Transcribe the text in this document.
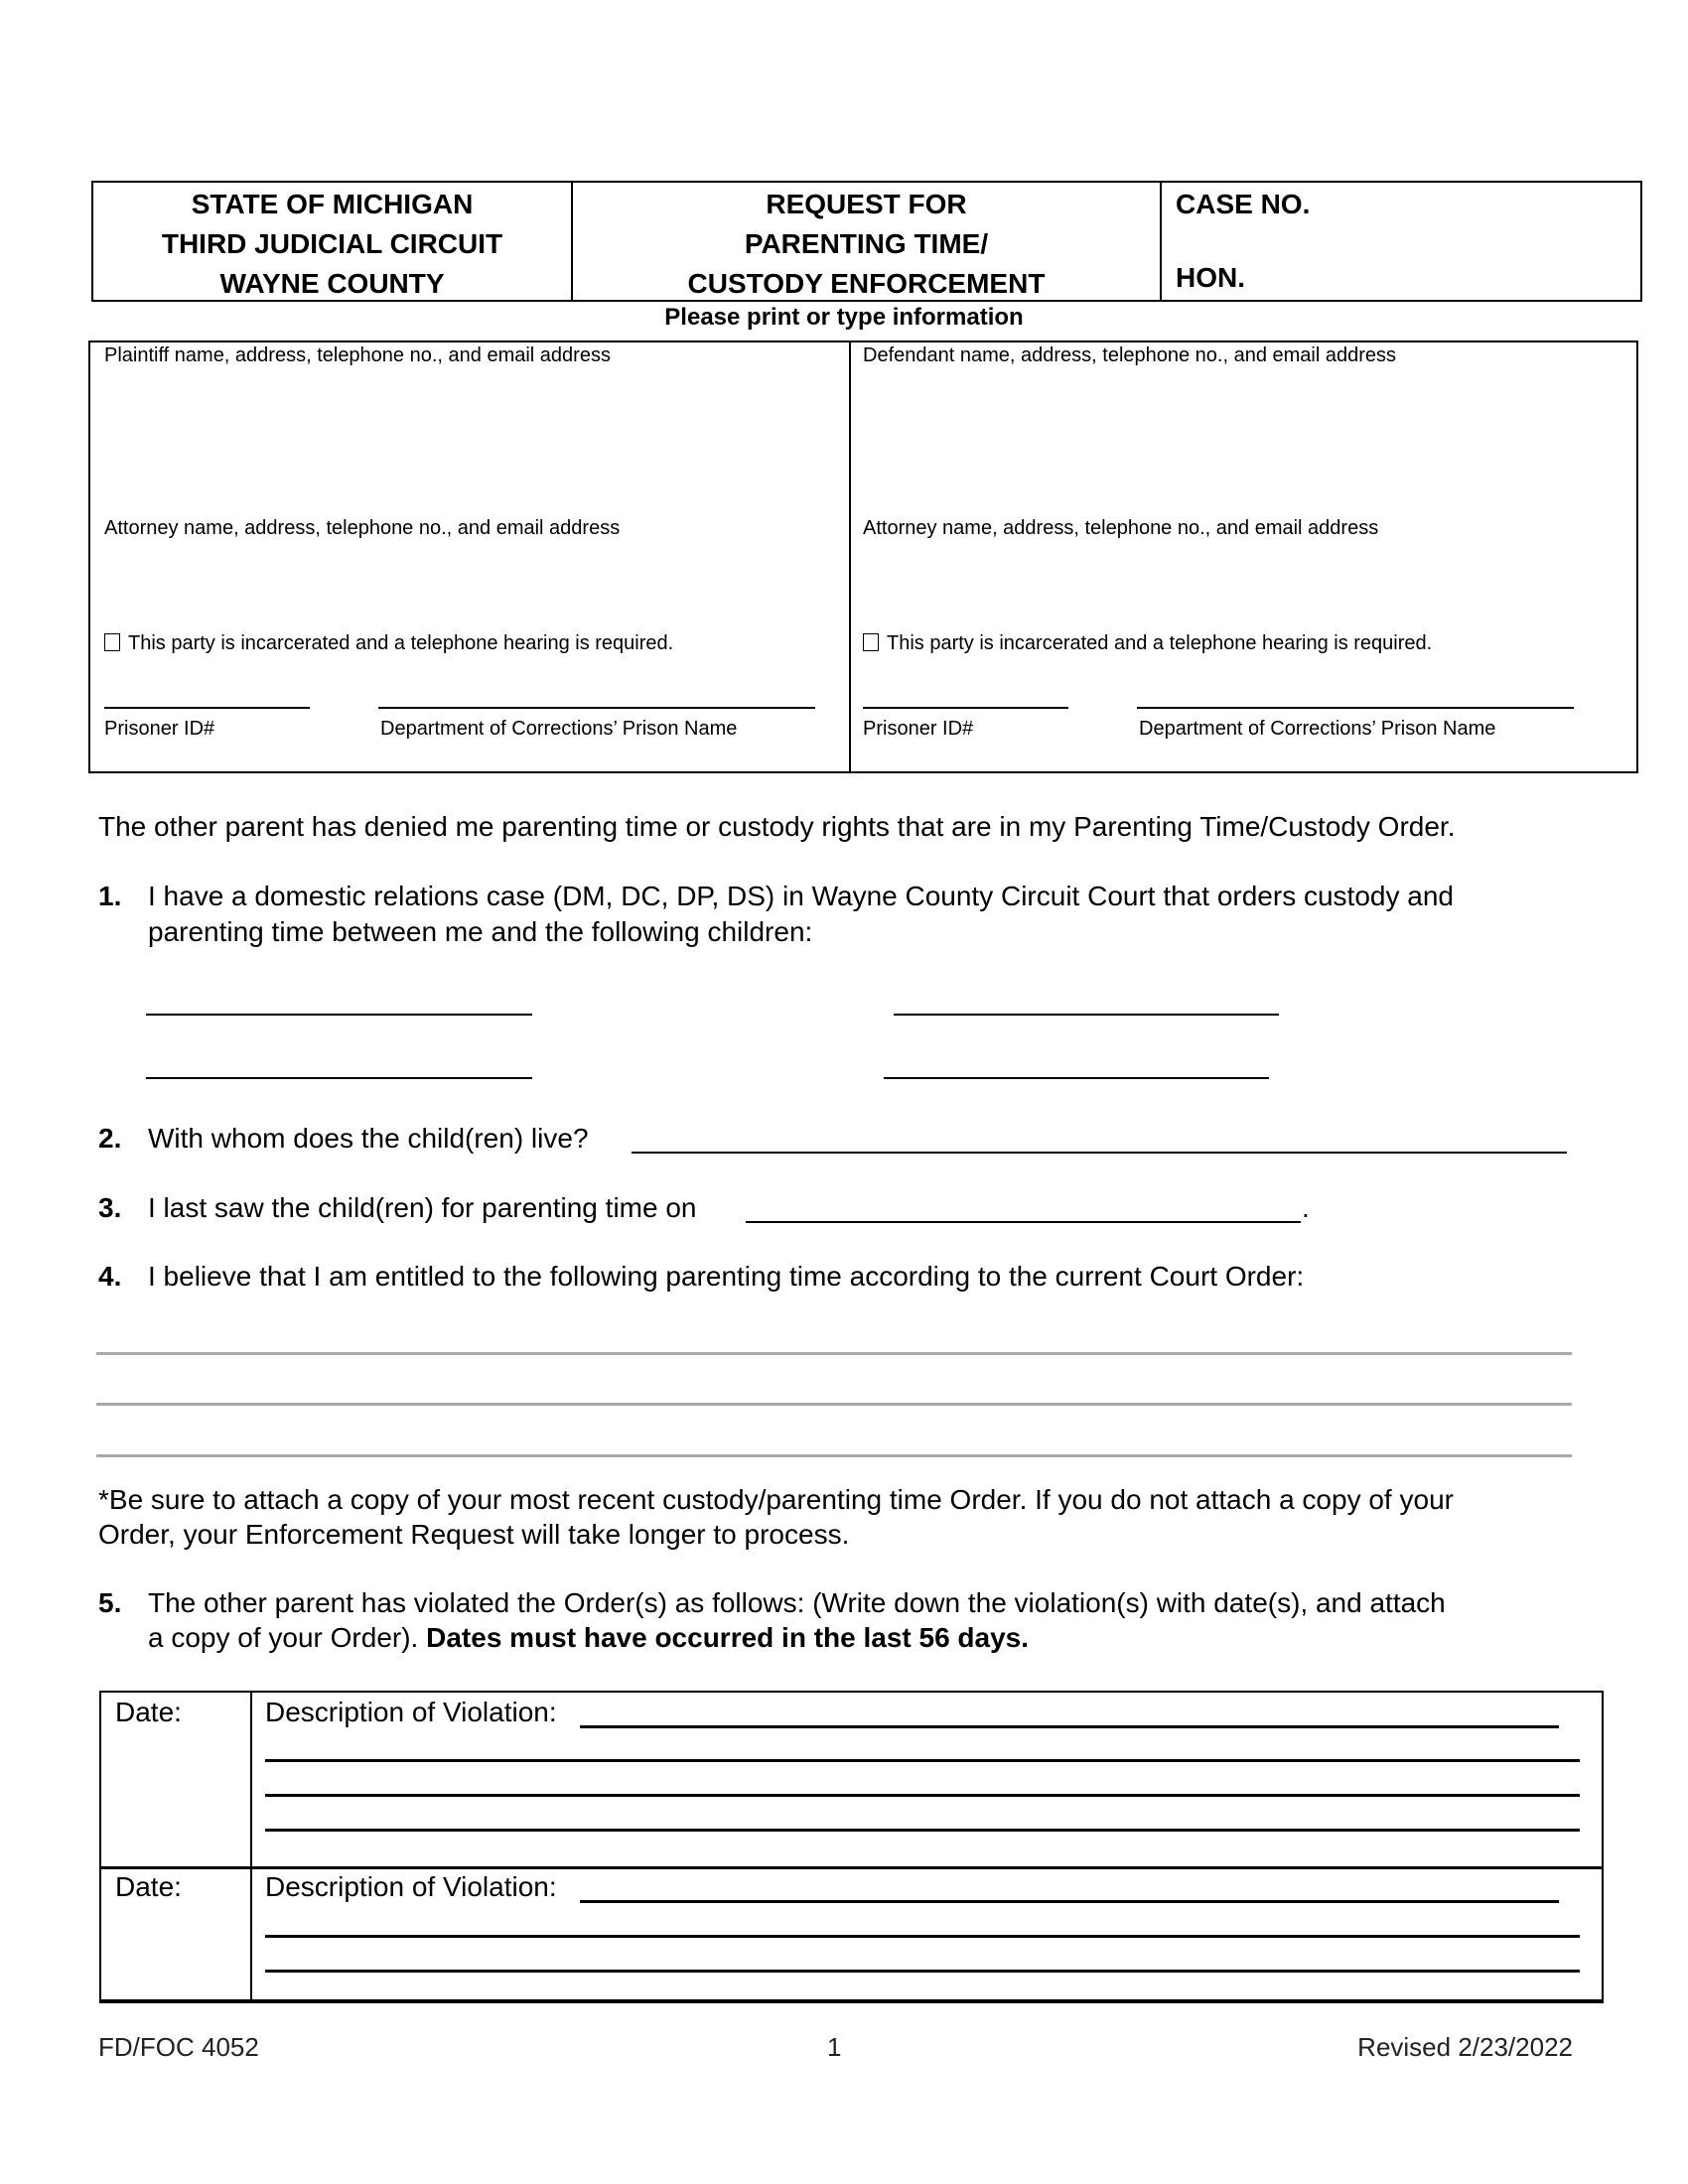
STATE OF MICHIGAN
THIRD JUDICIAL CIRCUIT
WAYNE COUNTY
REQUEST FOR
PARENTING TIME/
CUSTODY ENFORCEMENT
CASE NO.
HON.
Please print or type information
Plaintiff name, address, telephone no., and email address
Attorney name, address, telephone no., and email address
This party is incarcerated and a telephone hearing is required.
Prisoner ID#	Department of Corrections’ Prison Name
Defendant name, address, telephone no., and email address
Attorney name, address, telephone no., and email address
This party is incarcerated and a telephone hearing is required.
Prisoner ID#	Department of Corrections’ Prison Name
The other parent has denied me parenting time or custody rights that are in my Parenting Time/Custody Order.
1. I have a domestic relations case (DM, DC, DP, DS) in Wayne County Circuit Court that orders custody and
parenting time between me and the following children:
2. With whom does the child(ren) live?
3. I last saw the child(ren) for parenting time on	.
4. I believe that I am entitled to the following parenting time according to the current Court Order:
*Be sure to attach a copy of your most recent custody/parenting time Order. If you do not attach a copy of your
Order, your Enforcement Request will take longer to process.
5. The other parent has violated the Order(s) as follows: (Write down the violation(s) with date(s), and attach
a copy of your Order). Dates must have occurred in the last 56 days.
Date:	Description of Violation:
Date:	Description of Violation:
FD/FOC 4052	1	Revised 2/23/2022
